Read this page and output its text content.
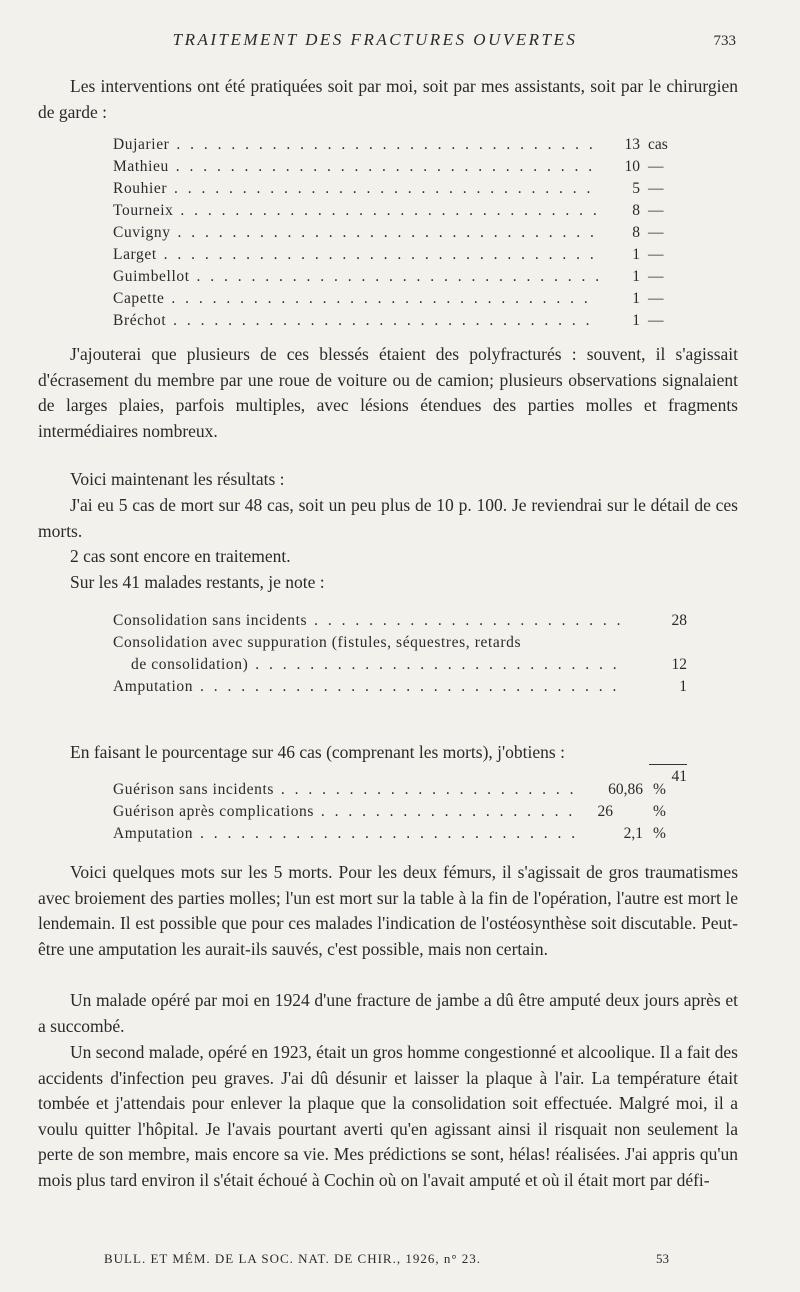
TRAITEMENT DES FRACTURES OUVERTES	733

Les interventions ont été pratiquées soit par moi, soit par mes assistants, soit par le chirurgien de garde :

Dujarier . . .	13 cas
Mathieu . . .	10 —
Rouhier . . .	5 —
Tourneix . . .	8 —
Cuvigny . . .	8 —
Larget . . .	1 —
Guimbellot . . .	1 —
Capette . . .	1 —
Bréchot . . .	1 —

J'ajouterai que plusieurs de ces blessés étaient des polyfracturés : souvent, il s'agissait d'écrasement du membre par une roue de voiture ou de camion; plusieurs observations signalaient de larges plaies, parfois multiples, avec lésions étendues des parties molles et fragments intermédiaires nombreux.

Voici maintenant les résultats :

J'ai eu 5 cas de mort sur 48 cas, soit un peu plus de 10 p. 100. Je reviendrai sur le détail de ces morts.

2 cas sont encore en traitement.

Sur les 41 malades restants, je note :

Consolidation sans incidents . . .	28
Consolidation avec suppuration (fistules, séquestres, retards
de consolidation) . . .	12
Amputation . . .	1
41

En faisant le pourcentage sur 46 cas (comprenant les morts), j'obtiens :

Guérison sans incidents . . .	60,86 %
Guérison après complications . . .	26	%
Amputation . . .	2,1 %

Voici quelques mots sur les 5 morts. Pour les deux fémurs, il s'agissait de gros traumatismes avec broiement des parties molles; l'un est mort sur la table à la fin de l'opération, l'autre est mort le lendemain. Il est possible que pour ces malades l'indication de l'ostéosynthèse soit discutable. Peut-être une amputation les aurait-ils sauvés, c'est possible, mais non certain.

Un malade opéré par moi en 1924 d'une fracture de jambe a dû être amputé deux jours après et a succombé.

Un second malade, opéré en 1923, était un gros homme congestionné et alcoolique. Il a fait des accidents d'infection peu graves. J'ai dû désunir et laisser la plaque à l'air. La température était tombée et j'attendais pour enlever la plaque que la consolidation soit effectuée. Malgré moi, il a voulu quitter l'hôpital. Je l'avais pourtant averti qu'en agissant ainsi il risquait non seulement la perte de son membre, mais encore sa vie. Mes prédictions se sont, hélas! réalisées. J'ai appris qu'un mois plus tard environ il s'était échoué à Cochin où on l'avait amputé et où il était mort par défi-

BULL. ET MÉM. DE LA SOC. NAT. DE CHIR., 1926, n° 23.	53
